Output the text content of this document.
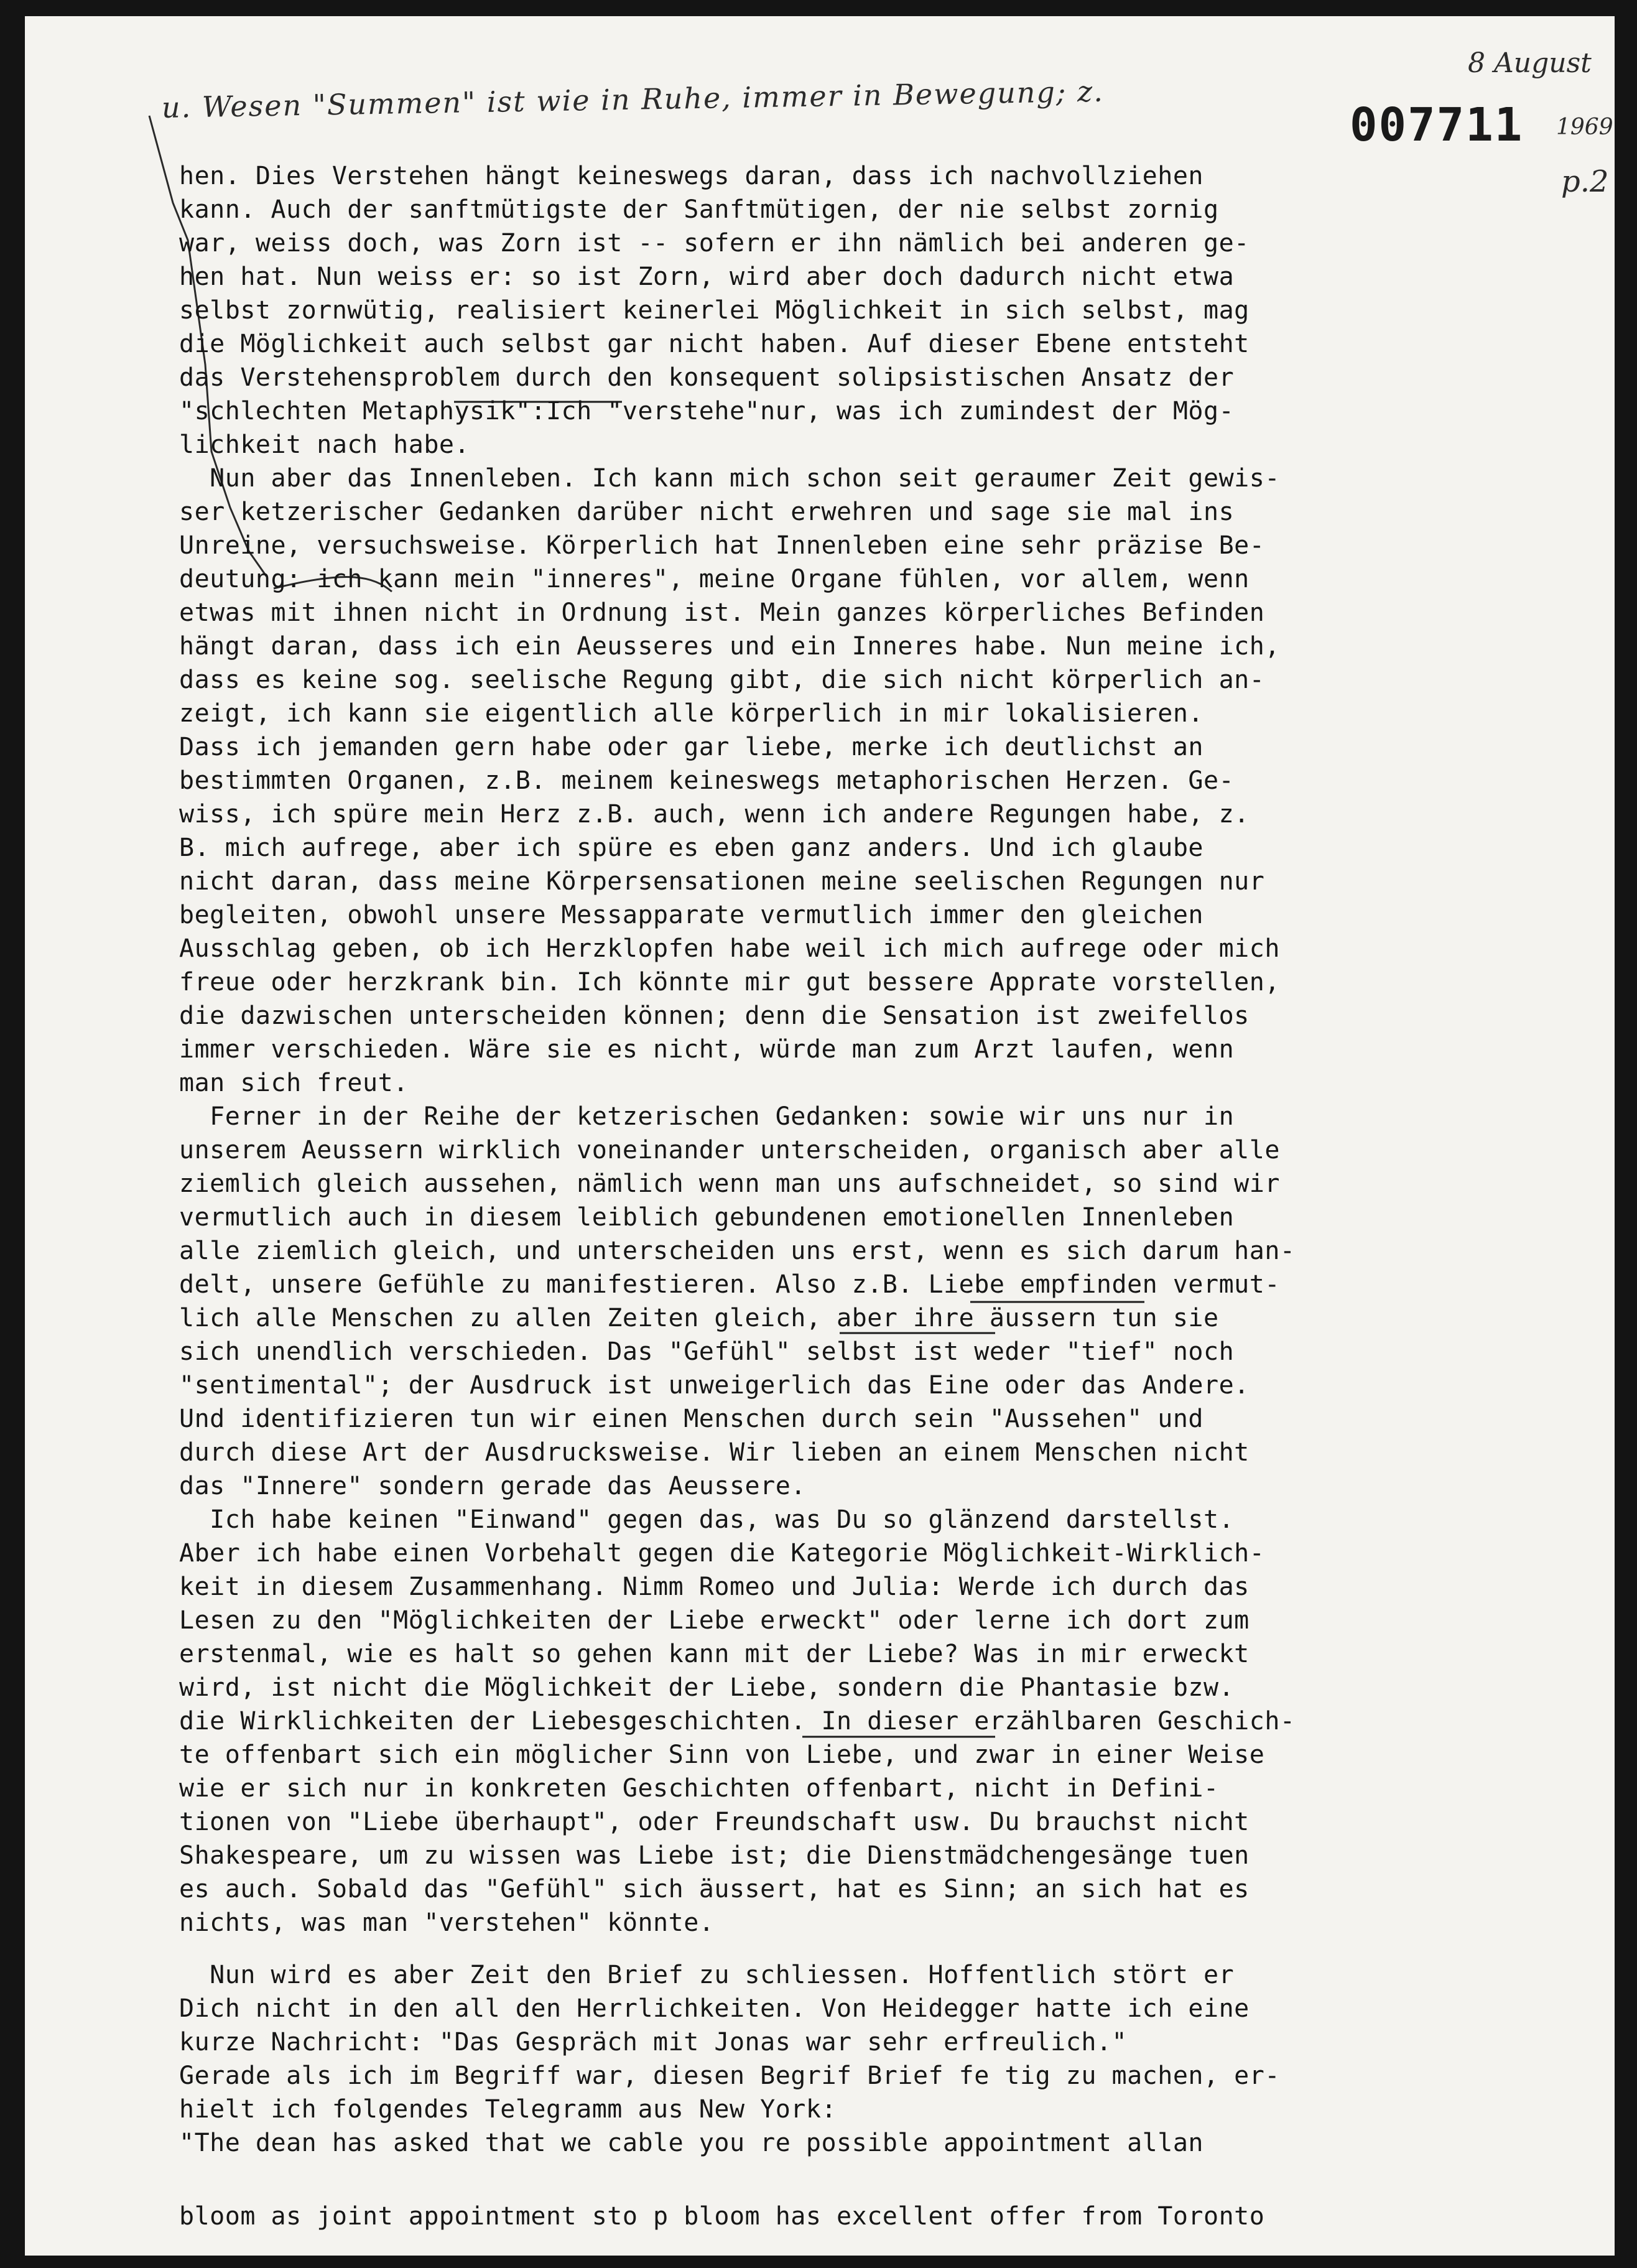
u. Wesen "Summen" ist wie in Ruhe, immer in Bewegung; z.
8 August
007711 1969
p.2
hen. Dies Verstehen hängt keineswegs daran, dass ich nachvollziehen
kann. Auch der sanftmütigste der Sanftmütigen, der nie selbst zornig
war, weiss doch, was Zorn ist -- sofern er ihn nämlich bei anderen ge-
hen hat. Nun weiss er: so ist Zorn, wird aber doch dadurch nicht etwa
selbst zornwütig, realisiert keinerlei Möglichkeit in sich selbst, mag
die Möglichkeit auch selbst gar nicht haben. Auf dieser Ebene entsteht
das Verstehensproblem durch den konsequent solipsistischen Ansatz der
"schlechten Metaphysik":Ich "verstehe"nur, was ich zumindest der Mög-
lichkeit nach habe.
Nun aber das Innenleben. Ich kann mich schon seit geraumer Zeit gewis-
ser ketzerischer Gedanken darüber nicht erwehren und sage sie mal ins
Unreine, versuchsweise. Körperlich hat Innenleben eine sehr präzise Be-
deutung: ich kann mein "inneres", meine Organe fühlen, vor allem, wenn
etwas mit ihnen nicht in Ordnung ist. Mein ganzes körperliches Befinden
hängt daran, dass ich ein Aeusseres und ein Inneres habe. Nun meine ich,
dass es keine sog. seelische Regung gibt, die sich nicht körperlich an-
zeigt, ich kann sie eigentlich alle körperlich in mir lokalisieren.
Dass ich jemanden gern habe oder gar liebe, merke ich deutlichst an
bestimmten Organen, z.B. meinem keineswegs metaphorischen Herzen. Ge-
wiss, ich spüre mein Herz z.B. auch, wenn ich andere Regungen habe, z.
B. mich aufrege, aber ich spüre es eben ganz anders. Und ich glaube
nicht daran, dass meine Körpersensationen meine seelischen Regungen nur
begleiten, obwohl unsere Messapparate vermutlich immer den gleichen
Ausschlag geben, ob ich Herzklopfen habe weil ich mich aufrege oder mich
freue oder herzkrank bin. Ich könnte mir gut bessere Apprate vorstellen,
die dazwischen unterscheiden können; denn die Sensation ist zweifellos
immer verschieden. Wäre sie es nicht, würde man zum Arzt laufen, wenn
man sich freut.
Ferner in der Reihe der ketzerischen Gedanken: sowie wir uns nur in
unserem Aeussern wirklich voneinander unterscheiden, organisch aber alle
ziemlich gleich aussehen, nämlich wenn man uns aufschneidet, so sind wir
vermutlich auch in diesem leiblich gebundenen emotionellen Innenleben
alle ziemlich gleich, und unterscheiden uns erst, wenn es sich darum han-
delt, unsere Gefühle zu manifestieren. Also z.B. Liebe empfinden vermut-
lich alle Menschen zu allen Zeiten gleich, aber ihre äussern tun sie
sich unendlich verschieden. Das "Gefühl" selbst ist weder "tief" noch
"sentimental"; der Ausdruck ist unweigerlich das Eine oder das Andere.
Und identifizieren tun wir einen Menschen durch sein "Aussehen" und
durch diese Art der Ausdrucksweise. Wir lieben an einem Menschen nicht
das "Innere" sondern gerade das Aeussere.
Ich habe keinen "Einwand" gegen das, was Du so glänzend darstellst.
Aber ich habe einen Vorbehalt gegen die Kategorie Möglichkeit-Wirklich-
keit in diesem Zusammenhang. Nimm Romeo und Julia: Werde ich durch das
Lesen zu den "Möglichkeiten der Liebe erweckt" oder lerne ich dort zum
erstenmal, wie es halt so gehen kann mit der Liebe? Was in mir erweckt
wird, ist nicht die Möglichkeit der Liebe, sondern die Phantasie bzw.
die Wirklichkeiten der Liebesgeschichten. In dieser erzählbaren Geschich-
te offenbart sich ein möglicher Sinn von Liebe, und zwar in einer Weise
wie er sich nur in konkreten Geschichten offenbart, nicht in Defini-
tionen von "Liebe überhaupt", oder Freundschaft usw. Du brauchst nicht
Shakespeare, um zu wissen was Liebe ist; die Dienstmädchengesänge tuen
es auch. Sobald das "Gefühl" sich äussert, hat es Sinn; an sich hat es
nichts, was man "verstehen" könnte.
Nun wird es aber Zeit den Brief zu schliessen. Hoffentlich stört er
Dich nicht in den all den Herrlichkeiten. Von Heidegger hatte ich eine
kurze Nachricht: "Das Gespräch mit Jonas war sehr erfreulich."
Gerade als ich im Begriff war, diesen Begrif Brief fe tig zu machen, er-
hielt ich folgendes Telegramm aus New York:
"The dean has asked that we cable you re possible appointment allan
bloom as joint appointment sto p bloom has excellent offer from Toronto
